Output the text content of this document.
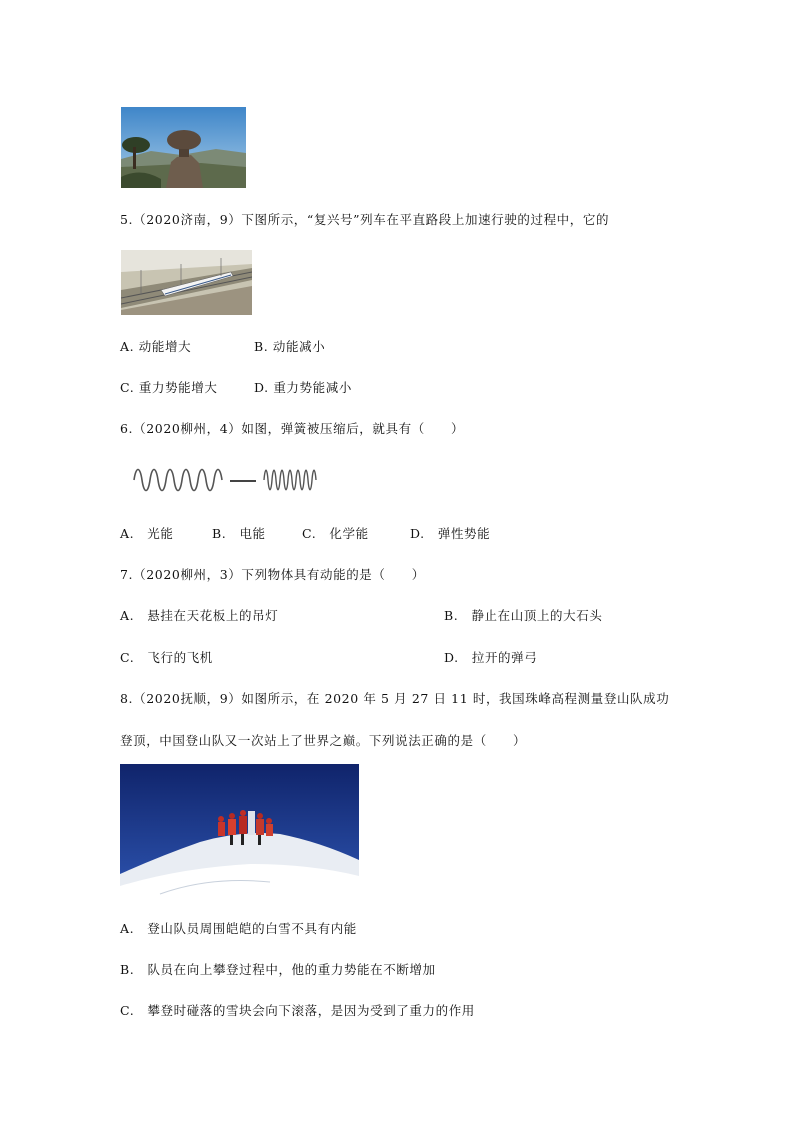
5.（2020济南，9）下图所示，“复兴号”列车在平直路段上加速行驶的过程中，它的
A. 动能增大	B. 动能减小
C. 重力势能增大	D. 重力势能减小
6.（2020柳州，4）如图，弹簧被压缩后，就具有（　　）
A.　光能	B.　电能	C.　化学能	D.　弹性势能
7.（2020柳州，3）下列物体具有动能的是（　　）
A.　悬挂在天花板上的吊灯	B.　静止在山顶上的大石头
C.　飞行的飞机	D.　拉开的弹弓
8.（2020抚顺，9）如图所示，在 2020 年 5 月 27 日 11 时，我国珠峰高程测量登山队成功
登顶，中国登山队又一次站上了世界之巅。下列说法正确的是（　　）
A.　登山队员周围皑皑的白雪不具有内能
B.　队员在向上攀登过程中，他的重力势能在不断增加
C.　攀登时碰落的雪块会向下滚落，是因为受到了重力的作用
